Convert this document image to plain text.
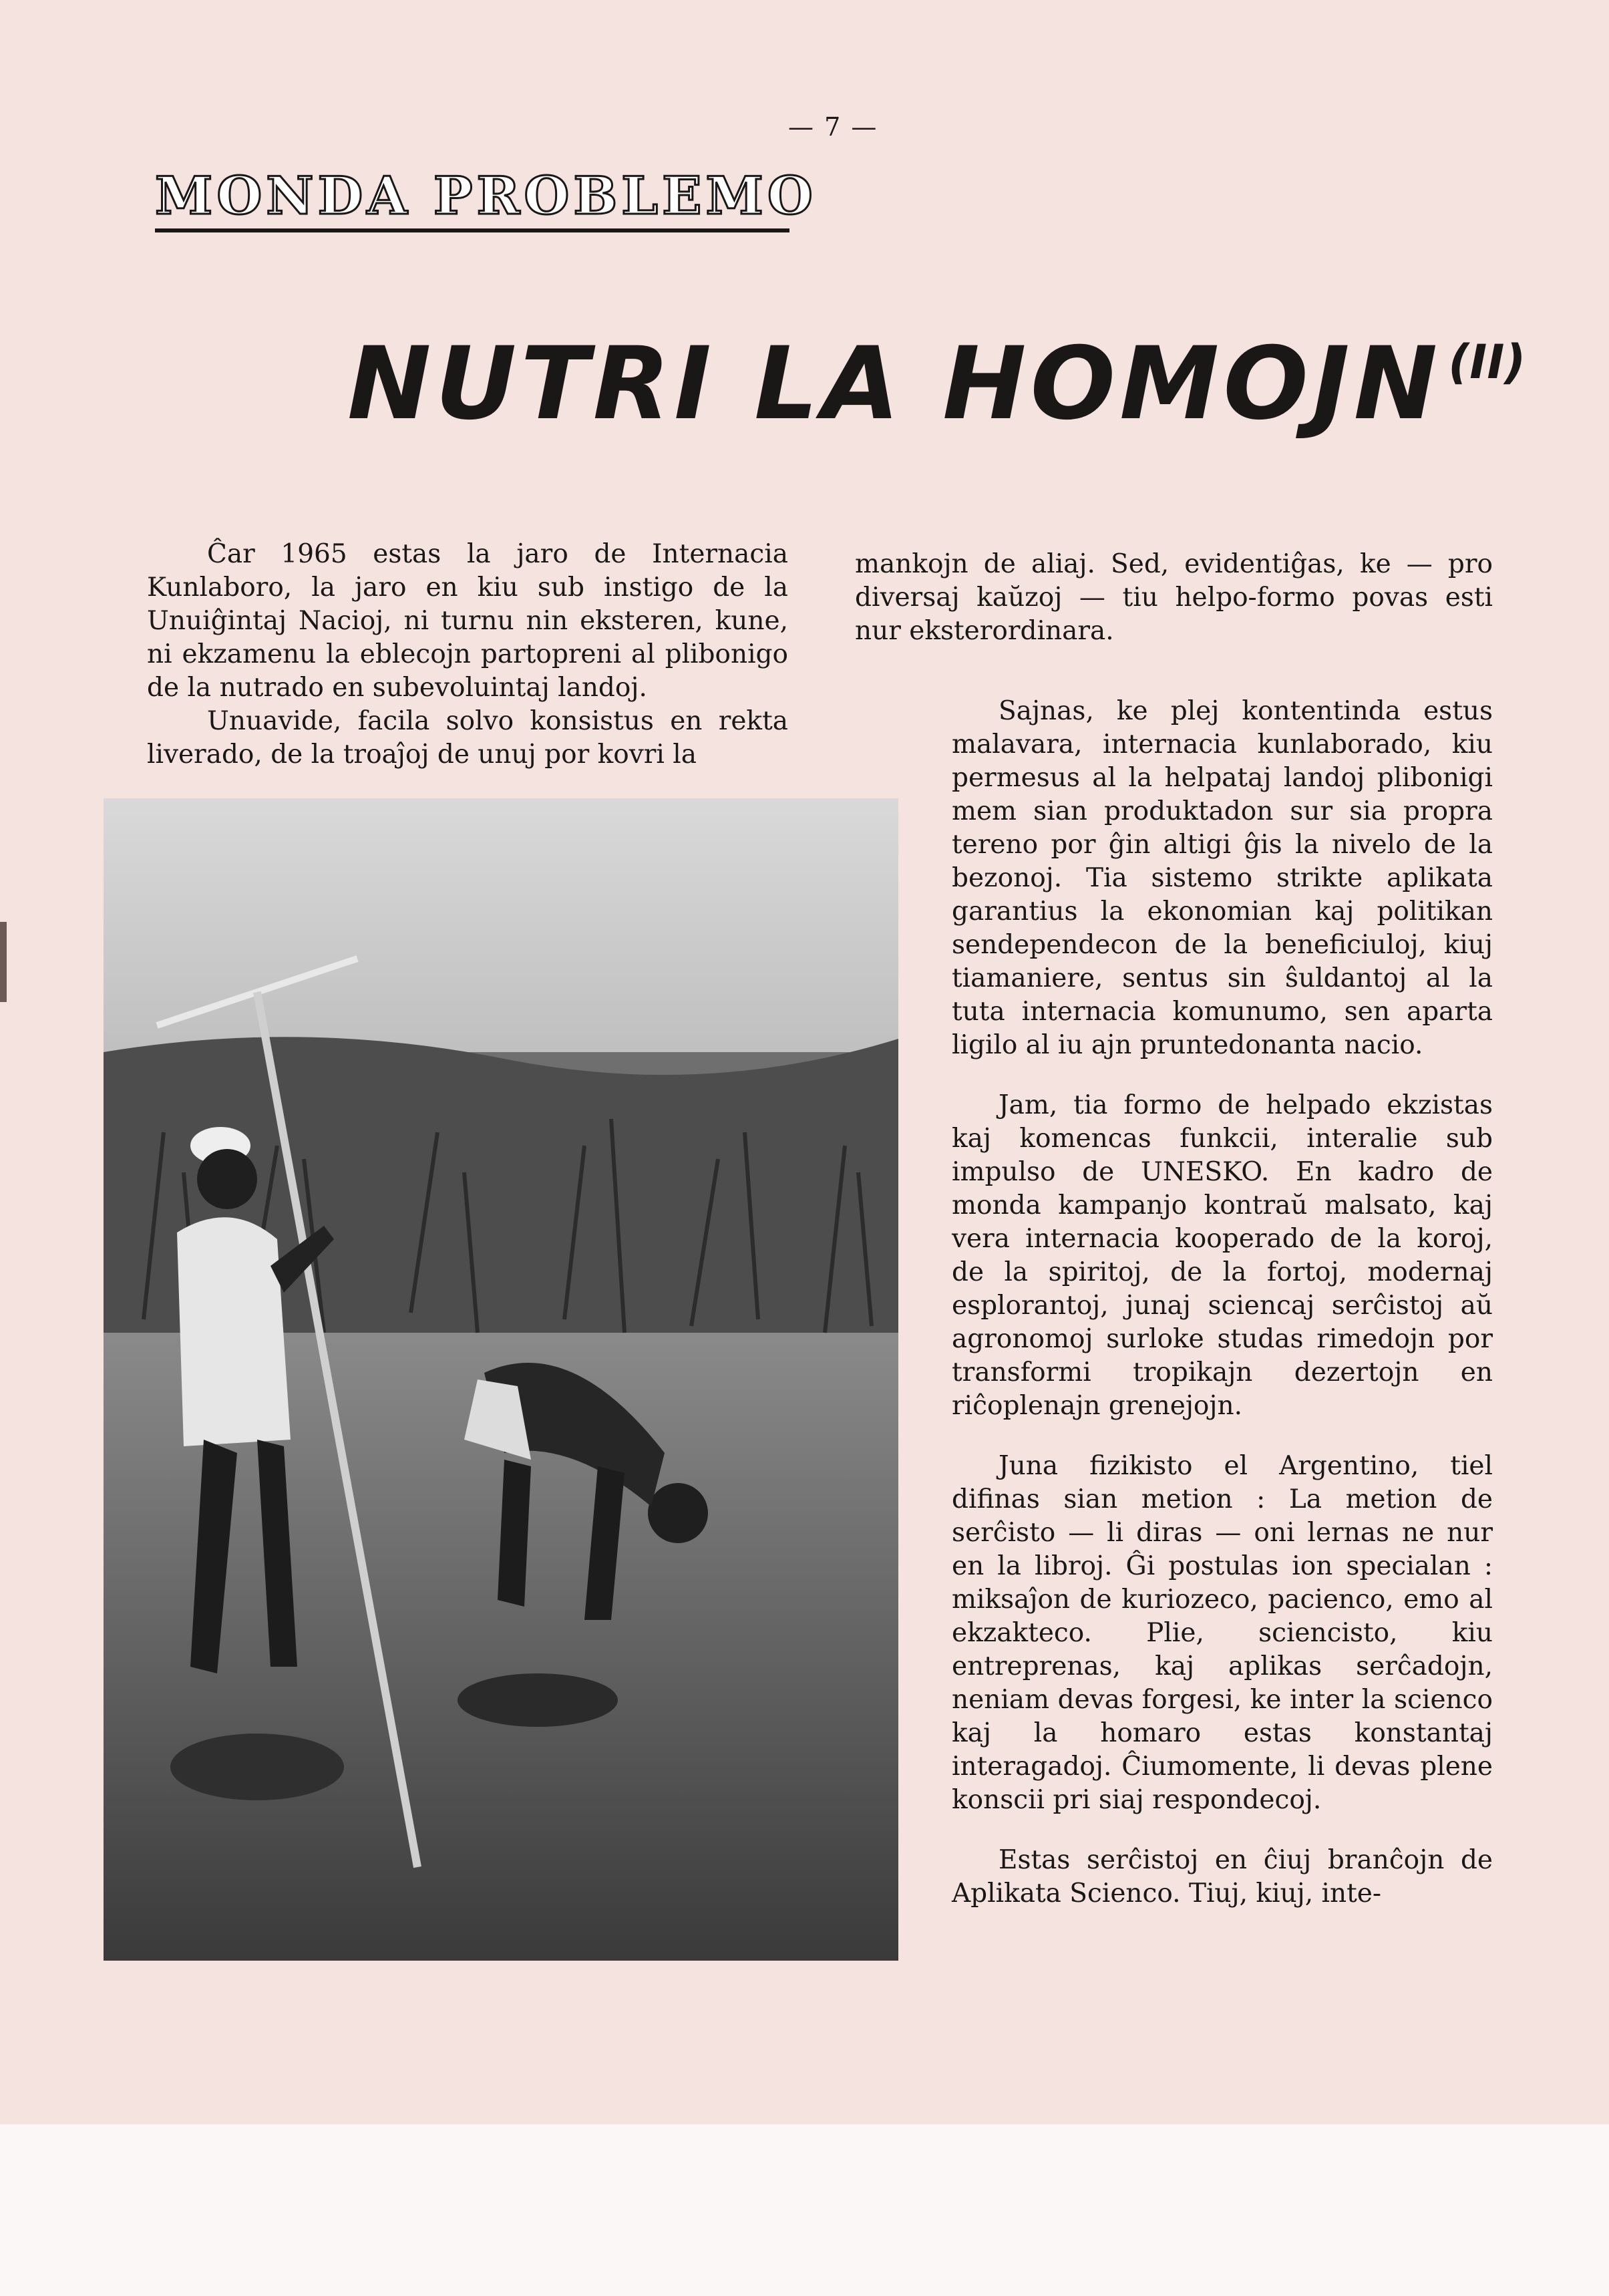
— 7 —
MONDA PROBLEMO
NUTRI LA HOMOJN $^{(II)}$

Ĉar 1965 estas la jaro de Internacia Kunlaboro, la jaro en kiu sub instigo de la Unuiĝintaj Nacioj, ni turnu nin eksteren, kune, ni ekzamenu la eblecojn partopreni al plibonigo de la nutrado en subevoluintaj landoj.

Unuavide, facila solvo konsistus en rekta liverado, de la troaĵoj de unuj por kovri la

mankojn de aliaj. Sed, evidentiĝas, ke — pro diversaj kaŭzoj — tiu helpo-formo povas esti nur eksterordinara.

Sajnas, ke plej kontentinda estus malavara, internacia kunlaborado, kiu permesus al la helpataj landoj plibonigi mem sian produktadon sur sia propra tereno por ĝin altigi ĝis la nivelo de la bezonoj. Tia sistemo strikte aplikata garantius la ekonomian kaj politikan sendependecon de la beneficiuloj, kiuj tiamaniere, sentus sin ŝuldantoj al la tuta internacia komunumo, sen aparta ligilo al iu ajn pruntedonanta nacio.

Jam, tia formo de helpado ekzistas kaj komencas funkcii, interalie sub impulso de UNESKO. En kadro de monda kampanjo kontraŭ malsato, kaj vera internacia kooperado de la koroj, de la spiritoj, de la fortoj, modernaj esplorantoj, junaj sciencaj serĉistoj aŭ agronomoj surloke studas rimedojn por transformi tropikajn dezertojn en riĉoplenajn grenejojn.

Juna fizikisto el Argentino, tiel difinas sian metion : La metion de serĉisto — li diras — oni lernas ne nur en la libroj. Ĝi postulas ion specialan : miksaĵon de kuriozeco, pacienco, emo al ekzakteco. Plie, sciencisto, kiu entreprenas, kaj aplikas serĉadojn, neniam devas forgesi, ke inter la scienco kaj la homaro estas konstantaj interagadoj. Ĉiumomente, li devas plene konscii pri siaj respondecoj.

Estas serĉistoj en ĉiuj branĉojn de Aplikata Scienco. Tiuj, kiuj, inte-
